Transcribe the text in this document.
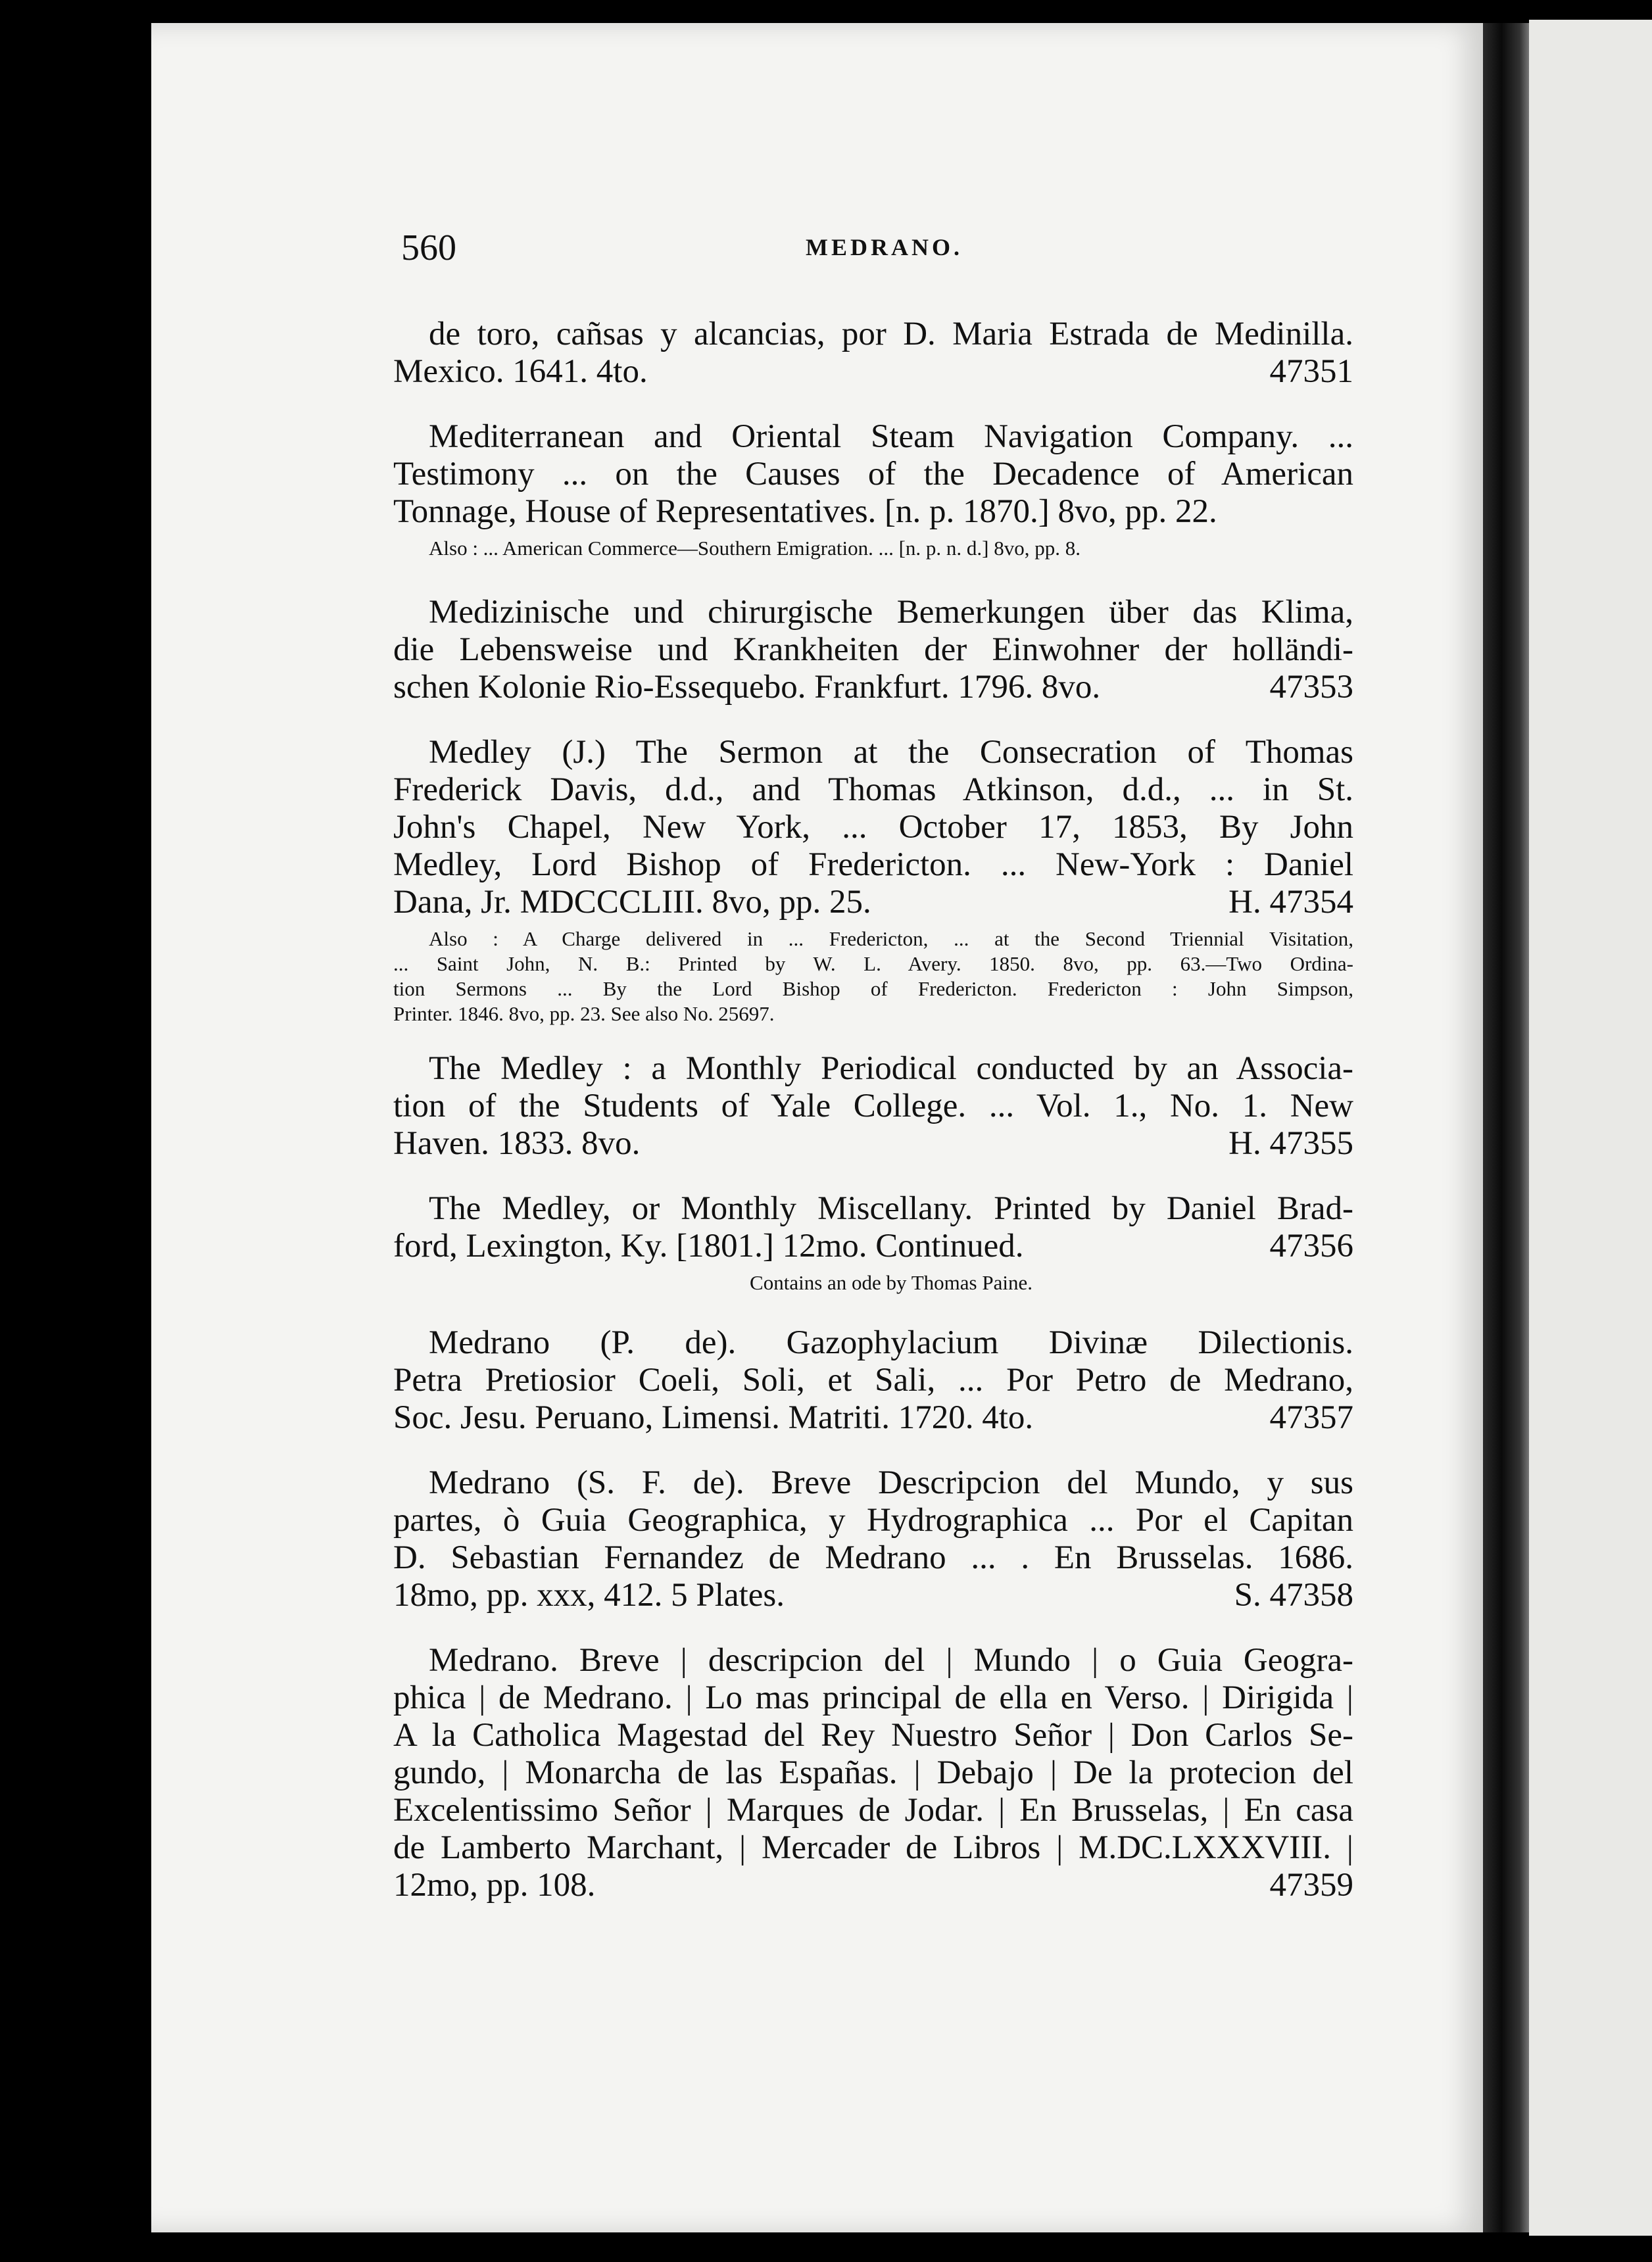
560	MEDRANO.
de toro, cañsas y alcancias, por D. Maria Estrada de Medinilla.
Mexico. 1641. 4to.	47351
Mediterranean and Oriental Steam Navigation Company. ...
Testimony ... on the Causes of the Decadence of American
Tonnage, House of Representatives. [n. p. 1870.] 8vo, pp. 22.
Also : ... American Commerce—Southern Emigration. ... [n. p. n. d.] 8vo, pp. 8.
Medizinische und chirurgische Bemerkungen über das Klima,
die Lebensweise und Krankheiten der Einwohner der holländi-
schen Kolonie Rio-Essequebo. Frankfurt. 1796. 8vo.	47353
Medley (J.) The Sermon at the Consecration of Thomas
Frederick Davis, d.d., and Thomas Atkinson, d.d., ... in St.
John's Chapel, New York, ... October 17, 1853, By John
Medley, Lord Bishop of Fredericton. ... New-York : Daniel
Dana, Jr. MDCCCLIII. 8vo, pp. 25.	H. 47354
Also : A Charge delivered in ... Fredericton, ... at the Second Triennial Visitation,
... Saint John, N. B.: Printed by W. L. Avery. 1850. 8vo, pp. 63.—Two Ordina-
tion Sermons ... By the Lord Bishop of Fredericton. Fredericton : John Simpson,
Printer. 1846. 8vo, pp. 23. See also No. 25697.
The Medley : a Monthly Periodical conducted by an Associa-
tion of the Students of Yale College. ... Vol. 1., No. 1. New
Haven. 1833. 8vo.	H. 47355
The Medley, or Monthly Miscellany. Printed by Daniel Brad-
ford, Lexington, Ky. [1801.] 12mo. Continued.	47356
Contains an ode by Thomas Paine.
Medrano (P. de). Gazophylacium Divinæ Dilectionis.
Petra Pretiosior Coeli, Soli, et Sali, ... Por Petro de Medrano,
Soc. Jesu. Peruano, Limensi. Matriti. 1720. 4to.	47357
Medrano (S. F. de). Breve Descripcion del Mundo, y sus
partes, ò Guia Geographica, y Hydrographica ... Por el Capitan
D. Sebastian Fernandez de Medrano ... . En Brusselas. 1686.
18mo, pp. xxx, 412. 5 Plates.	S. 47358
Medrano. Breve | descripcion del | Mundo | o Guia Geogra-
phica | de Medrano. | Lo mas principal de ella en Verso. | Dirigida |
A la Catholica Magestad del Rey Nuestro Señor | Don Carlos Se-
gundo, | Monarcha de las Españas. | Debajo | De la protecion del
Excelentissimo Señor | Marques de Jodar. | En Brusselas, | En casa
de Lamberto Marchant, | Mercader de Libros | M.DC.LXXXVIII. |
12mo, pp. 108.	47359
